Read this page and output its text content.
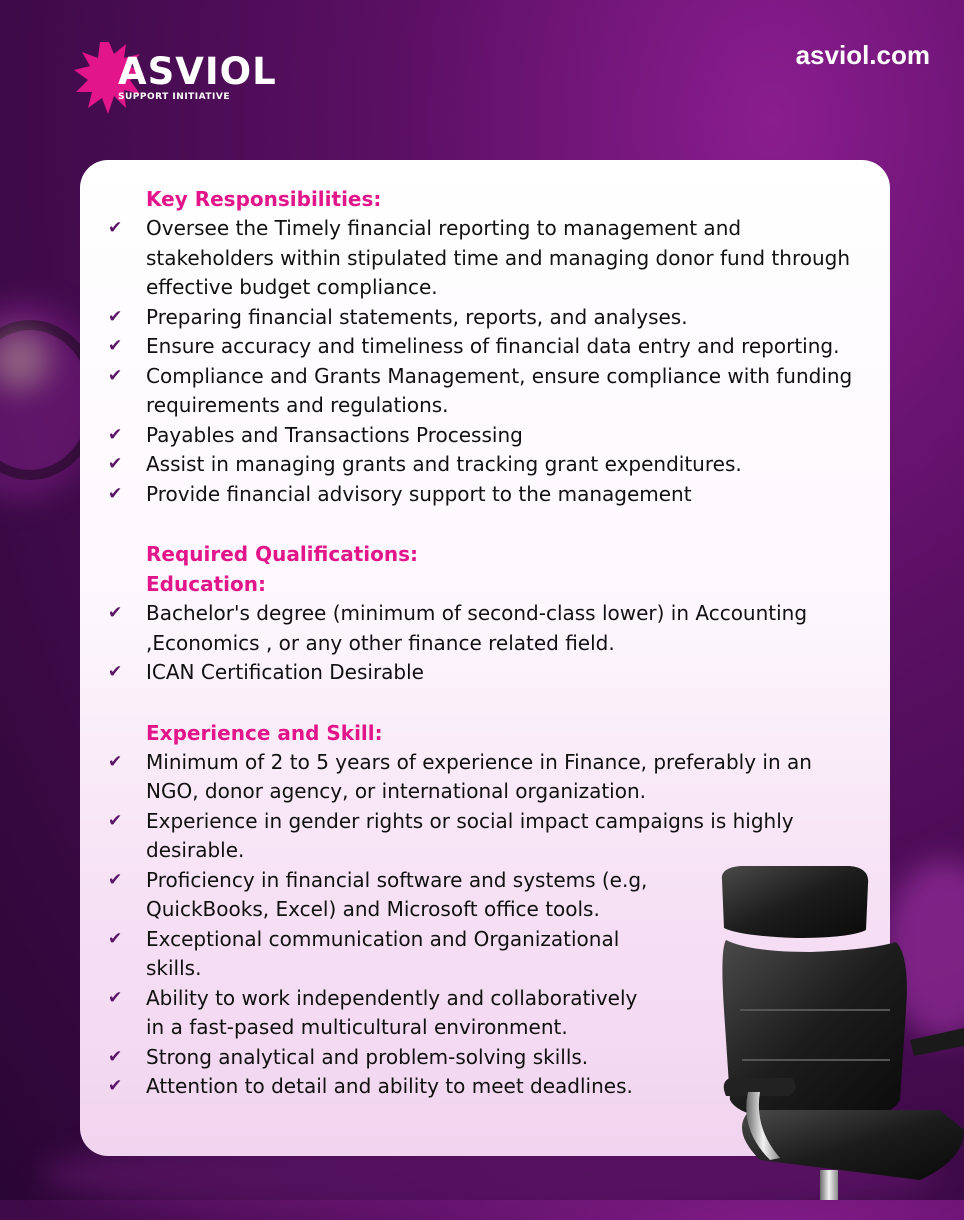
ASVIOL
SUPPORT INITIATIVE
asviol.com
Key Responsibilities:
✔ Oversee the Timely financial reporting to management and stakeholders within stipulated time and managing donor fund through effective budget compliance.
✔ Preparing financial statements, reports, and analyses.
✔ Ensure accuracy and timeliness of financial data entry and reporting.
✔ Compliance and Grants Management, ensure compliance with funding requirements and regulations.
✔ Payables and Transactions Processing
✔ Assist in managing grants and tracking grant expenditures.
✔ Provide financial advisory support to the management
Required Qualifications:
Education:
✔ Bachelor's degree (minimum of second-class lower) in Accounting ,Economics , or any other finance related field.
✔ ICAN Certification Desirable
Experience and Skill:
✔ Minimum of 2 to 5 years of experience in Finance, preferably in an NGO, donor agency, or international organization.
✔ Experience in gender rights or social impact campaigns is highly desirable.
✔ Proficiency in financial software and systems (e.g, QuickBooks, Excel) and Microsoft office tools.
✔ Exceptional communication and Organizational skills.
✔ Ability to work independently and collaboratively in a fast-pased multicultural environment.
✔ Strong analytical and problem-solving skills.
✔ Attention to detail and ability to meet deadlines.
